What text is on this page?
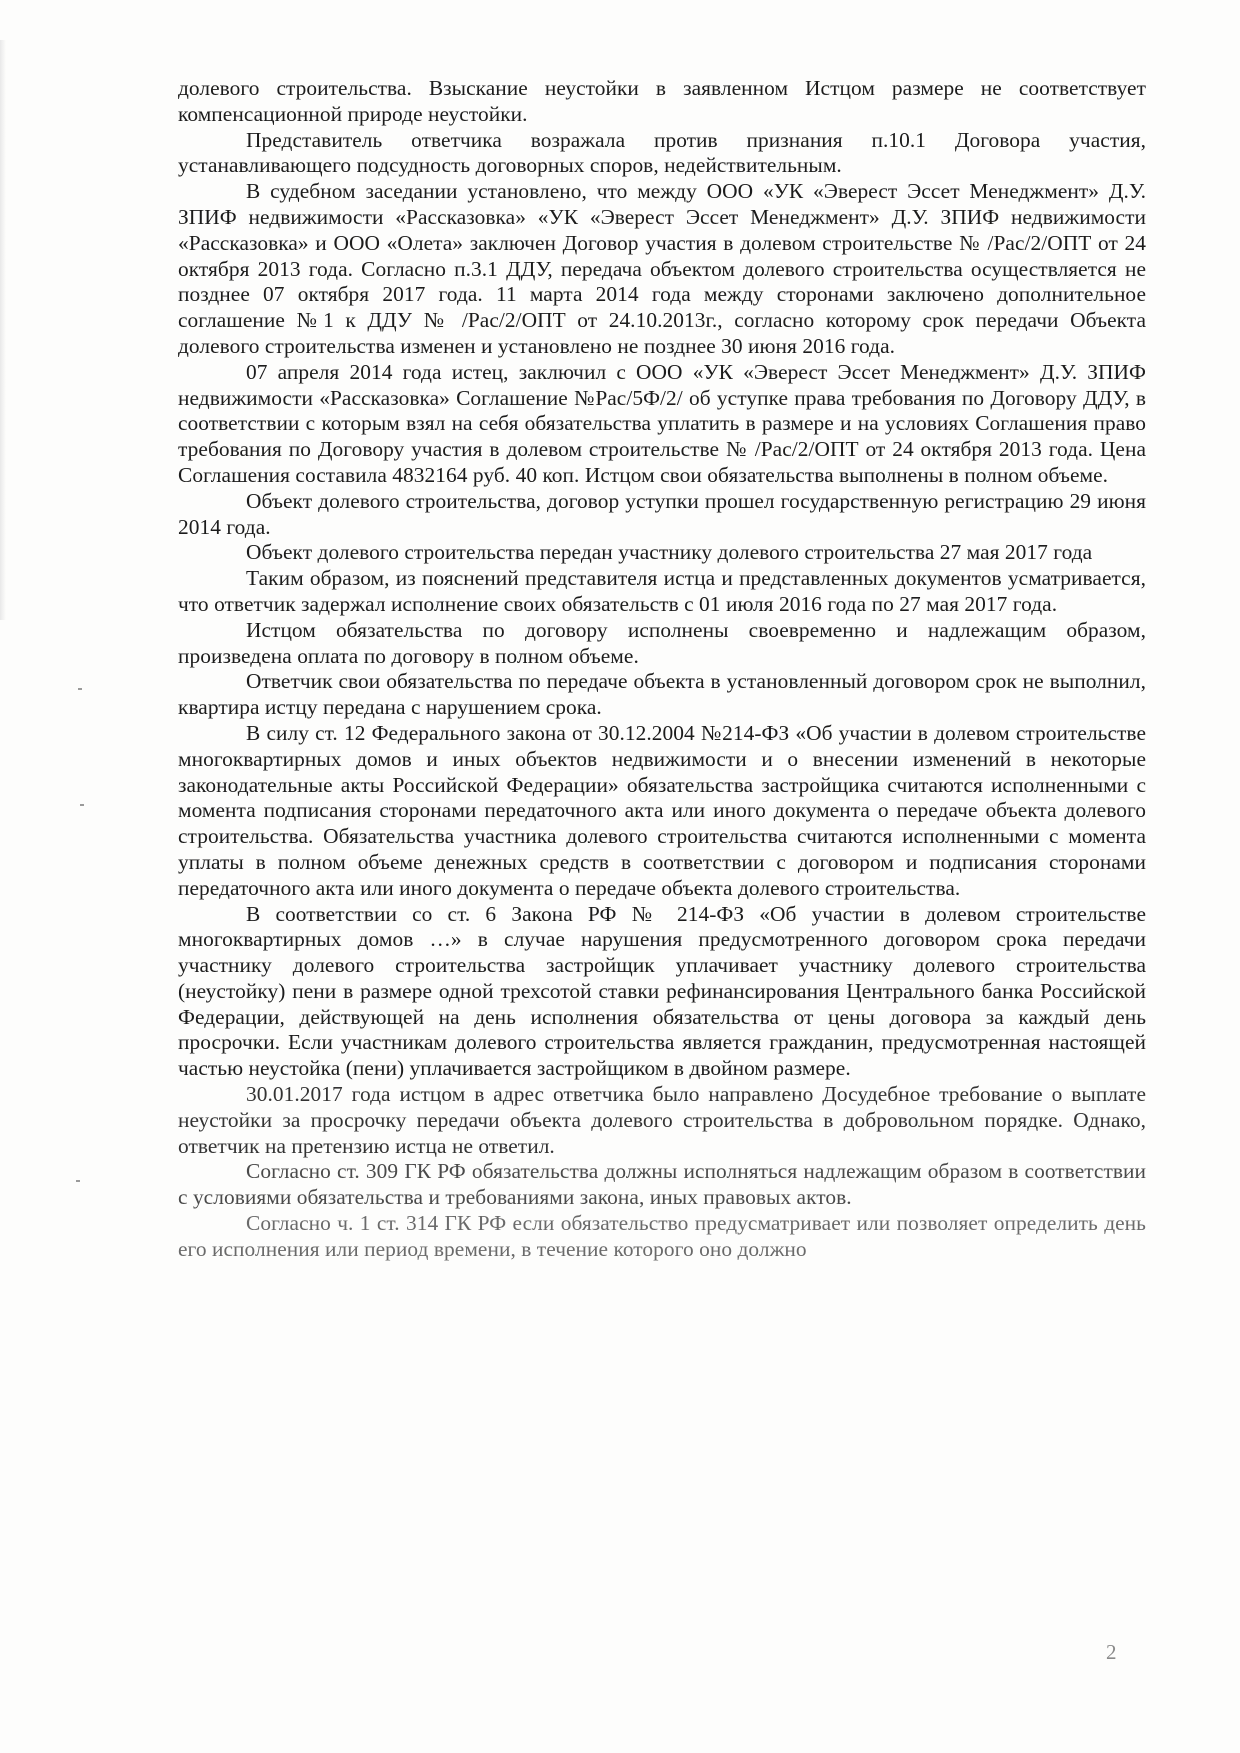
долевого строительства. Взыскание неустойки в заявленном Истцом размере не соответствует компенсационной природе неустойки.

Представитель ответчика возражала против признания п.10.1 Договора участия, устанавливающего подсудность договорных споров, недействительным.

В судебном заседании установлено, что между ООО «УК «Эверест Эссет Менеджмент» Д.У. ЗПИФ недвижимости «Рассказовка» «УК «Эверест Эссет Менеджмент» Д.У. ЗПИФ недвижимости «Рассказовка» и ООО «Олета» заключен Договор участия в долевом строительстве № /Рас/2/ОПТ от 24 октября 2013 года. Согласно п.3.1 ДДУ, передача объектом долевого строительства осуществляется не позднее 07 октября 2017 года. 11 марта 2014 года между сторонами заключено дополнительное соглашение №1 к ДДУ № /Рас/2/ОПТ от 24.10.2013г., согласно которому срок передачи Объекта долевого строительства изменен и установлено не позднее 30 июня 2016 года.

07 апреля 2014 года истец, заключил с ООО «УК «Эверест Эссет Менеджмент» Д.У. ЗПИФ недвижимости «Рассказовка» Соглашение №Рас/5Ф/2/ об уступке права требования по Договору ДДУ, в соответствии с которым взял на себя обязательства уплатить в размере и на условиях Соглашения право требования по Договору участия в долевом строительстве № /Рас/2/ОПТ от 24 октября 2013 года. Цена Соглашения составила 4832164 руб. 40 коп. Истцом свои обязательства выполнены в полном объеме.

Объект долевого строительства, договор уступки прошел государственную регистрацию 29 июня 2014 года.

Объект долевого строительства передан участнику долевого строительства 27 мая 2017 года

Таким образом, из пояснений представителя истца и представленных документов усматривается, что ответчик задержал исполнение своих обязательств с 01 июля 2016 года по 27 мая 2017 года.

Истцом обязательства по договору исполнены своевременно и надлежащим образом, произведена оплата по договору в полном объеме.

Ответчик свои обязательства по передаче объекта в установленный договором срок не выполнил, квартира истцу передана с нарушением срока.

В силу ст. 12 Федерального закона от 30.12.2004 №214-ФЗ «Об участии в долевом строительстве многоквартирных домов и иных объектов недвижимости и о внесении изменений в некоторые законодательные акты Российской Федерации» обязательства застройщика считаются исполненными с момента подписания сторонами передаточного акта или иного документа о передаче объекта долевого строительства. Обязательства участника долевого строительства считаются исполненными с момента уплаты в полном объеме денежных средств в соответствии с договором и подписания сторонами передаточного акта или иного документа о передаче объекта долевого строительства.

В соответствии со ст. 6 Закона РФ № 214-ФЗ «Об участии в долевом строительстве многоквартирных домов …» в случае нарушения предусмотренного договором срока передачи участнику долевого строительства застройщик уплачивает участнику долевого строительства (неустойку) пени в размере одной трехсотой ставки рефинансирования Центрального банка Российской Федерации, действующей на день исполнения обязательства от цены договора за каждый день просрочки. Если участникам долевого строительства является гражданин, предусмотренная настоящей частью неустойка (пени) уплачивается застройщиком в двойном размере.

30.01.2017 года истцом в адрес ответчика было направлено Досудебное требование о выплате неустойки за просрочку передачи объекта долевого строительства в добровольном порядке. Однако, ответчик на претензию истца не ответил.

Согласно ст. 309 ГК РФ обязательства должны исполняться надлежащим образом в соответствии с условиями обязательства и требованиями закона, иных правовых актов.

Согласно ч. 1 ст. 314 ГК РФ если обязательство предусматривает или позволяет определить день его исполнения или период времени, в течение которого оно должно

2
